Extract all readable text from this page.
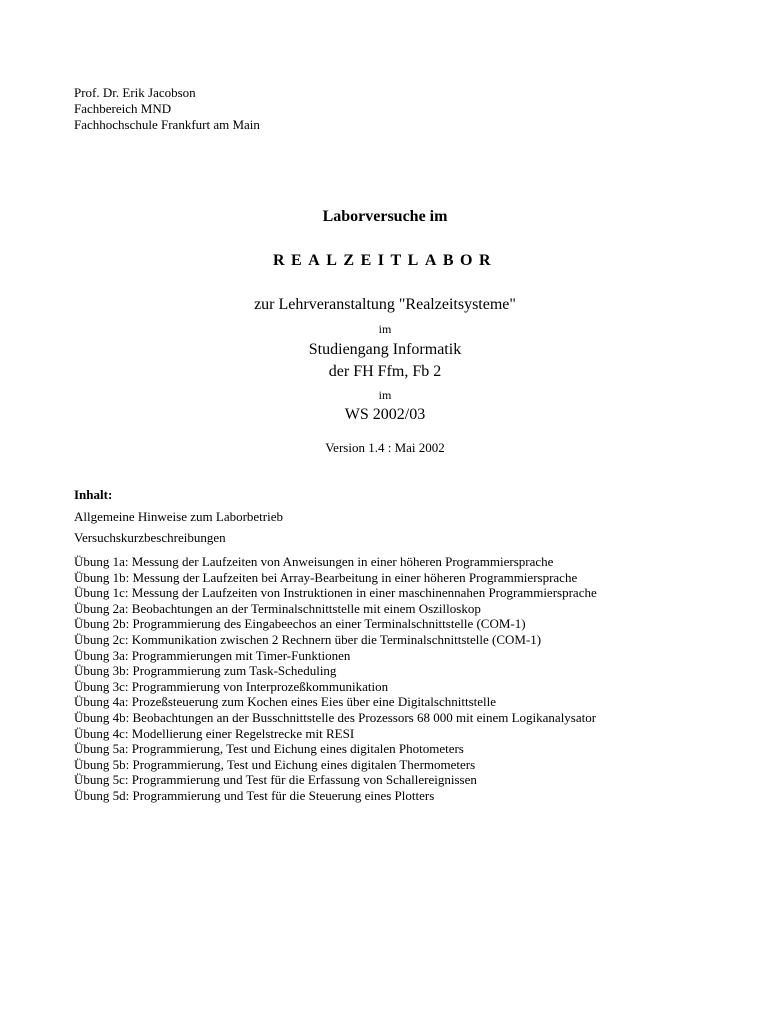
Prof. Dr. Erik Jacobson
Fachbereich MND
Fachhochschule Frankfurt am Main
Laborversuche im
REALZEITLABOR
zur Lehrveranstaltung "Realzeitsysteme"
im
Studiengang Informatik
der FH Ffm, Fb 2
im
WS 2002/03
Version 1.4 : Mai 2002
Inhalt:
Allgemeine Hinweise zum Laborbetrieb
Versuchskurzbeschreibungen
Übung 1a: Messung der Laufzeiten von Anweisungen in einer höheren Programmiersprache
Übung 1b: Messung der Laufzeiten bei Array-Bearbeitung in einer höheren Programmiersprache
Übung 1c: Messung der Laufzeiten von Instruktionen in einer maschinennahen Programmiersprache
Übung 2a: Beobachtungen an der Terminalschnittstelle mit einem Oszilloskop
Übung 2b: Programmierung des Eingabeechos an einer Terminalschnittstelle (COM-1)
Übung 2c: Kommunikation zwischen 2 Rechnern über die Terminalschnittstelle (COM-1)
Übung 3a: Programmierungen mit Timer-Funktionen
Übung 3b: Programmierung zum Task-Scheduling
Übung 3c: Programmierung von Interprozeßkommunikation
Übung 4a: Prozeßsteuerung zum Kochen eines Eies über eine Digitalschnittstelle
Übung 4b: Beobachtungen an der Busschnittstelle des Prozessors 68 000 mit einem Logikanalysator
Übung 4c: Modellierung einer Regelstrecke mit RESI
Übung 5a: Programmierung, Test und Eichung eines digitalen Photometers
Übung 5b: Programmierung, Test und Eichung eines digitalen Thermometers
Übung 5c: Programmierung und Test für die Erfassung von Schallereignissen
Übung 5d: Programmierung und Test für die Steuerung eines Plotters
